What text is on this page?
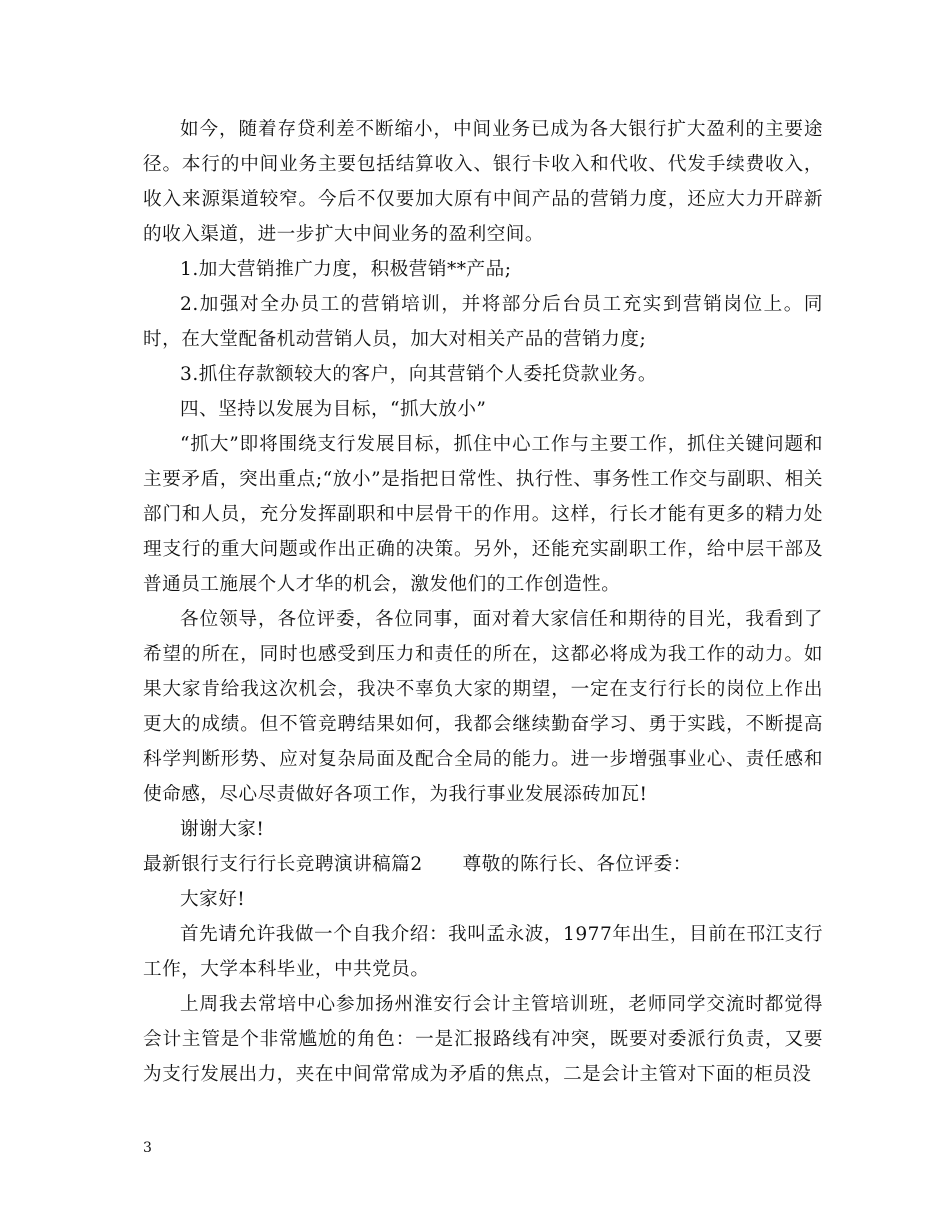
如今，随着存贷利差不断缩小，中间业务已成为各大银行扩大盈利的主要途径。本行的中间业务主要包括结算收入、银行卡收入和代收、代发手续费收入，收入来源渠道较窄。今后不仅要加大原有中间产品的营销力度，还应大力开辟新的收入渠道，进一步扩大中间业务的盈利空间。

1.加大营销推广力度，积极营销**产品;

2.加强对全办员工的营销培训，并将部分后台员工充实到营销岗位上。同时，在大堂配备机动营销人员，加大对相关产品的营销力度;

3.抓住存款额较大的客户，向其营销个人委托贷款业务。

四、坚持以发展为目标，“抓大放小”

“抓大”即将围绕支行发展目标，抓住中心工作与主要工作，抓住关键问题和主要矛盾，突出重点;“放小”是指把日常性、执行性、事务性工作交与副职、相关部门和人员，充分发挥副职和中层骨干的作用。这样，行长才能有更多的精力处理支行的重大问题或作出正确的决策。另外，还能充实副职工作，给中层干部及普通员工施展个人才华的机会，激发他们的工作创造性。

各位领导，各位评委，各位同事，面对着大家信任和期待的目光，我看到了希望的所在，同时也感受到压力和责任的所在，这都必将成为我工作的动力。如果大家肯给我这次机会，我决不辜负大家的期望，一定在支行行长的岗位上作出更大的成绩。但不管竞聘结果如何，我都会继续勤奋学习、勇于实践，不断提高科学判断形势、应对复杂局面及配合全局的能力。进一步增强事业心、责任感和使命感，尽心尽责做好各项工作，为我行事业发展添砖加瓦!

谢谢大家!

最新银行支行行长竞聘演讲稿篇2 尊敬的陈行长、各位评委：

大家好!

首先请允许我做一个自我介绍：我叫孟永波，1977年出生，目前在邗江支行工作，大学本科毕业，中共党员。

上周我去常培中心参加扬州淮安行会计主管培训班，老师同学交流时都觉得会计主管是个非常尴尬的角色：一是汇报路线有冲突，既要对委派行负责，又要为支行发展出力，夹在中间常常成为矛盾的焦点，二是会计主管对下面的柜员没

3
